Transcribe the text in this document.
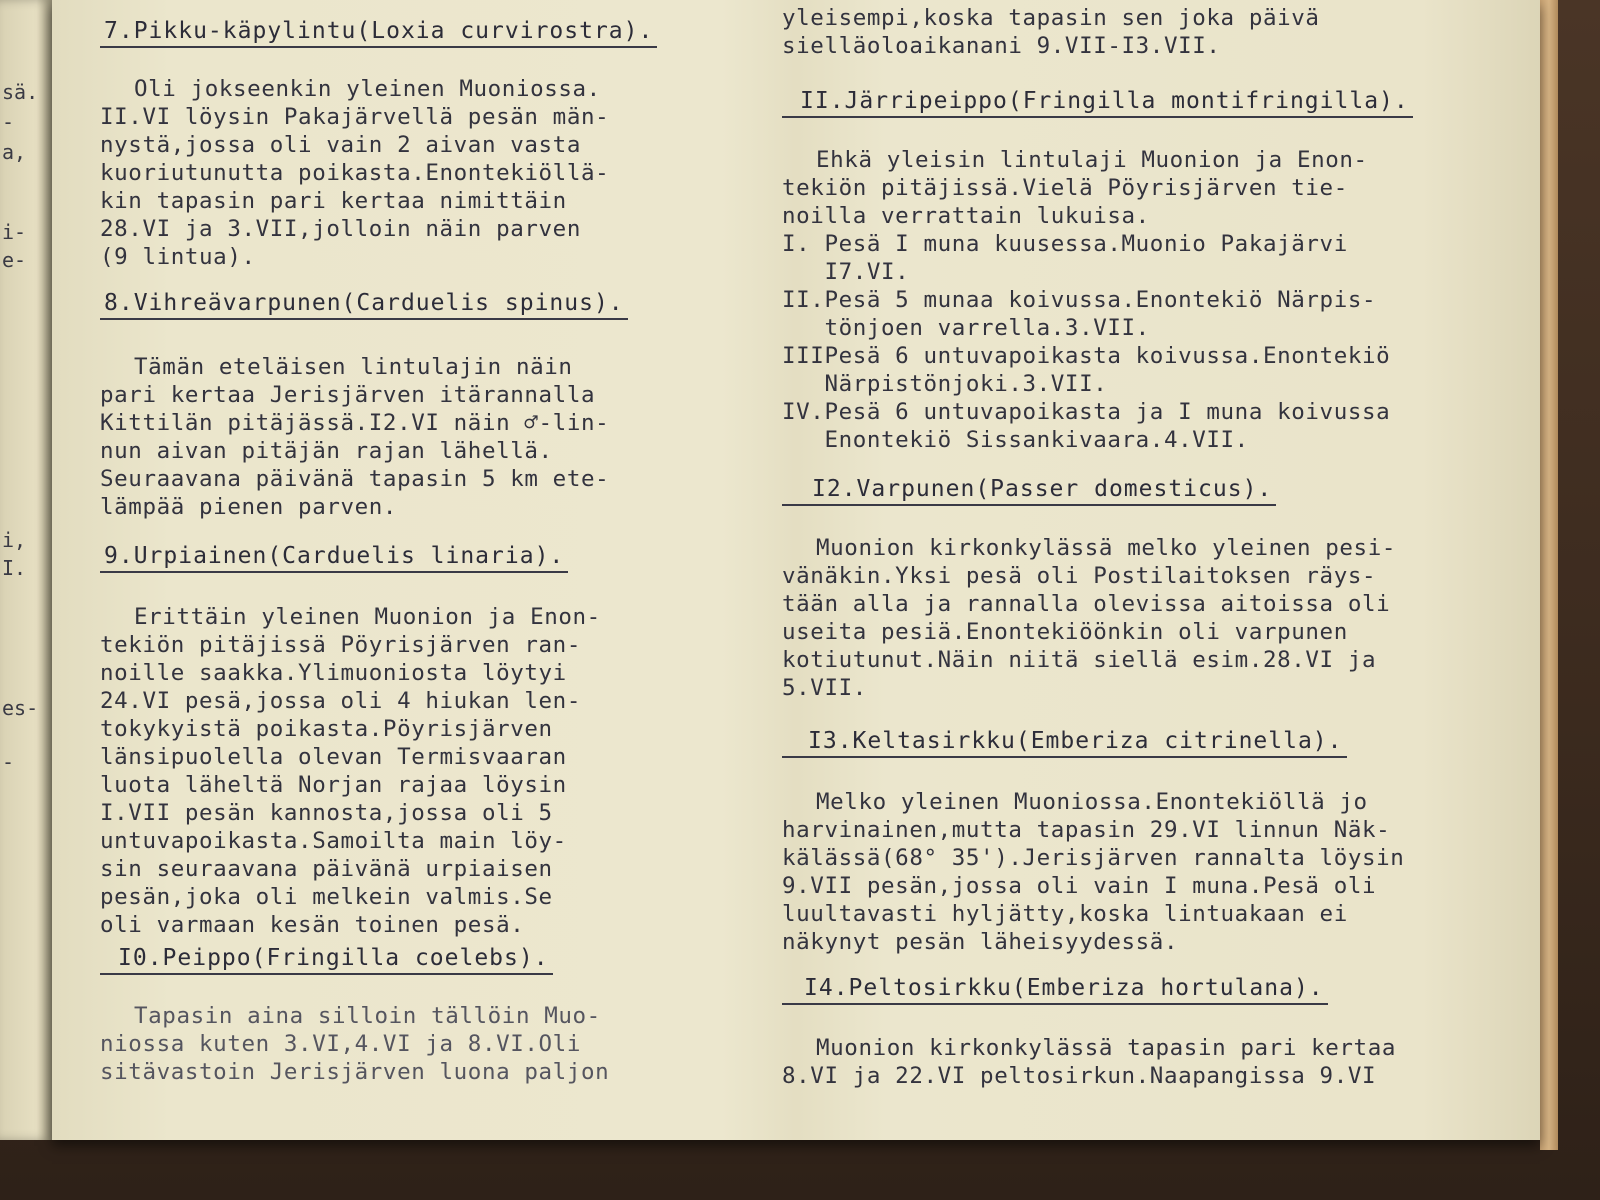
sä.
-
a,
i-
e-
i,
I.
es-
-
7.Pikku-käpylintu(Loxia curvirostra).
Oli jokseenkin yleinen Muoniossa.
II.VI löysin Pakajärvellä pesän män-
nystä,jossa oli vain 2 aivan vasta
kuoriutunutta poikasta.Enontekiöllä-
kin tapasin pari kertaa nimittäin
28.VI ja 3.VII,jolloin näin parven
(9 lintua).
8.Vihreävarpunen(Carduelis spinus).
Tämän eteläisen lintulajin näin
pari kertaa Jerisjärven itärannalla
Kittilän pitäjässä.I2.VI näin ♂-lin-
nun aivan pitäjän rajan lähellä.
Seuraavana päivänä tapasin 5 km ete-
lämpää pienen parven.
9.Urpiainen(Carduelis linaria).
Erittäin yleinen Muonion ja Enon-
tekiön pitäjissä Pöyrisjärven ran-
noille saakka.Ylimuoniosta löytyi
24.VI pesä,jossa oli 4 hiukan len-
tokykyistä poikasta.Pöyrisjärven
länsipuolella olevan Termisvaaran
luota läheltä Norjan rajaa löysin
I.VII pesän kannosta,jossa oli 5
untuvapoikasta.Samoilta main löy-
sin seuraavana päivänä urpiaisen
pesän,joka oli melkein valmis.Se
oli varmaan kesän toinen pesä.
I0.Peippo(Fringilla coelebs).
Tapasin aina silloin tällöin Muo-
niossa kuten 3.VI,4.VI ja 8.VI.Oli
sitävastoin Jerisjärven luona paljon
yleisempi,koska tapasin sen joka päivä
sielläoloaikanani 9.VII-I3.VII.
II.Järripeippo(Fringilla montifringilla).
Ehkä yleisin lintulaji Muonion ja Enon-
tekiön pitäjissä.Vielä Pöyrisjärven tie-
noilla verrattain lukuisa.
I. Pesä I muna kuusessa.Muonio Pakajärvi
I7.VI.
II.Pesä 5 munaa koivussa.Enontekiö Närpis-
tönjoen varrella.3.VII.
IIIPesä 6 untuvapoikasta koivussa.Enontekiö
Närpistönjoki.3.VII.
IV.Pesä 6 untuvapoikasta ja I muna koivussa
Enontekiö Sissankivaara.4.VII.
I2.Varpunen(Passer domesticus).
Muonion kirkonkylässä melko yleinen pesi-
vänäkin.Yksi pesä oli Postilaitoksen räys-
tään alla ja rannalla olevissa aitoissa oli
useita pesiä.Enontekiöönkin oli varpunen
kotiutunut.Näin niitä siellä esim.28.VI ja
5.VII.
I3.Keltasirkku(Emberiza citrinella).
Melko yleinen Muoniossa.Enontekiöllä jo
harvinainen,mutta tapasin 29.VI linnun Näk-
kälässä(68° 35').Jerisjärven rannalta löysin
9.VII pesän,jossa oli vain I muna.Pesä oli
luultavasti hyljätty,koska lintuakaan ei
näkynyt pesän läheisyydessä.
I4.Peltosirkku(Emberiza hortulana).
Muonion kirkonkylässä tapasin pari kertaa
8.VI ja 22.VI peltosirkun.Naapangissa 9.VI
